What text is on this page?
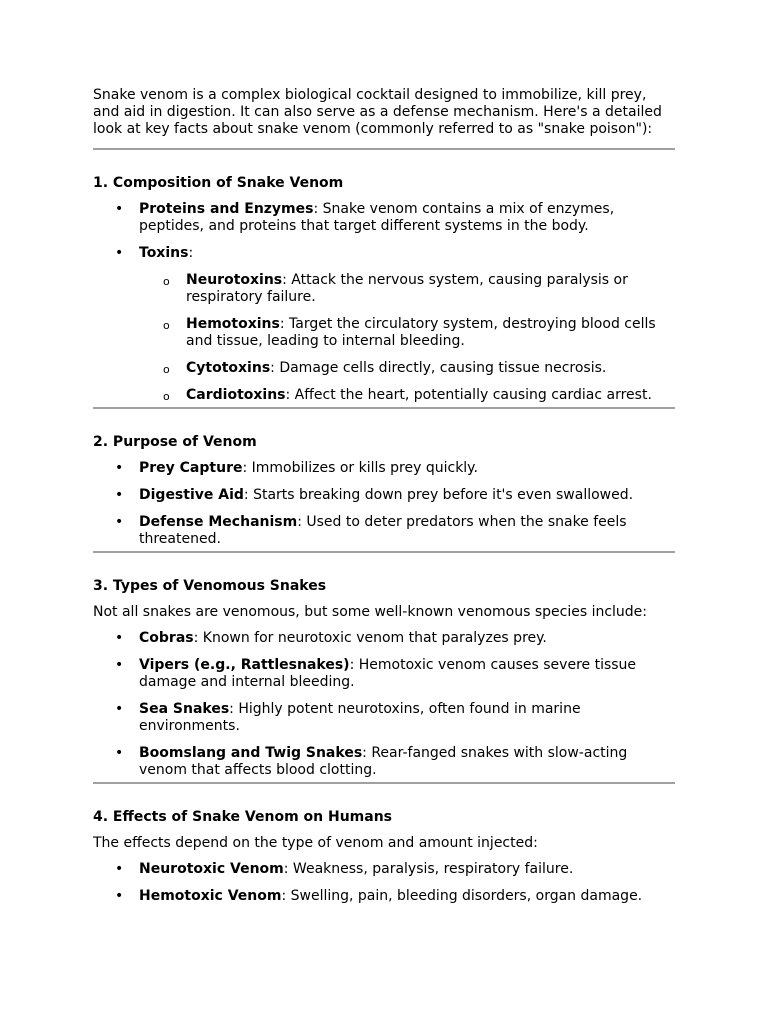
Snake venom is a complex biological cocktail designed to immobilize, kill prey, and aid in digestion. It can also serve as a defense mechanism. Here's a detailed look at key facts about snake venom (commonly referred to as "snake poison"):

1. Composition of Snake Venom
• Proteins and Enzymes: Snake venom contains a mix of enzymes, peptides, and proteins that target different systems in the body.
• Toxins:
o Neurotoxins: Attack the nervous system, causing paralysis or respiratory failure.
o Hemotoxins: Target the circulatory system, destroying blood cells and tissue, leading to internal bleeding.
o Cytotoxins: Damage cells directly, causing tissue necrosis.
o Cardiotoxins: Affect the heart, potentially causing cardiac arrest.
2. Purpose of Venom
• Prey Capture: Immobilizes or kills prey quickly.
• Digestive Aid: Starts breaking down prey before it's even swallowed.
• Defense Mechanism: Used to deter predators when the snake feels threatened.
3. Types of Venomous Snakes

Not all snakes are venomous, but some well-known venomous species include:

• Cobras: Known for neurotoxic venom that paralyzes prey.
• Vipers (e.g., Rattlesnakes): Hemotoxic venom causes severe tissue damage and internal bleeding.
• Sea Snakes: Highly potent neurotoxins, often found in marine environments.
• Boomslang and Twig Snakes: Rear-fanged snakes with slow-acting venom that affects blood clotting.
4. Effects of Snake Venom on Humans

The effects depend on the type of venom and amount injected:

• Neurotoxic Venom: Weakness, paralysis, respiratory failure.
• Hemotoxic Venom: Swelling, pain, bleeding disorders, organ damage.
